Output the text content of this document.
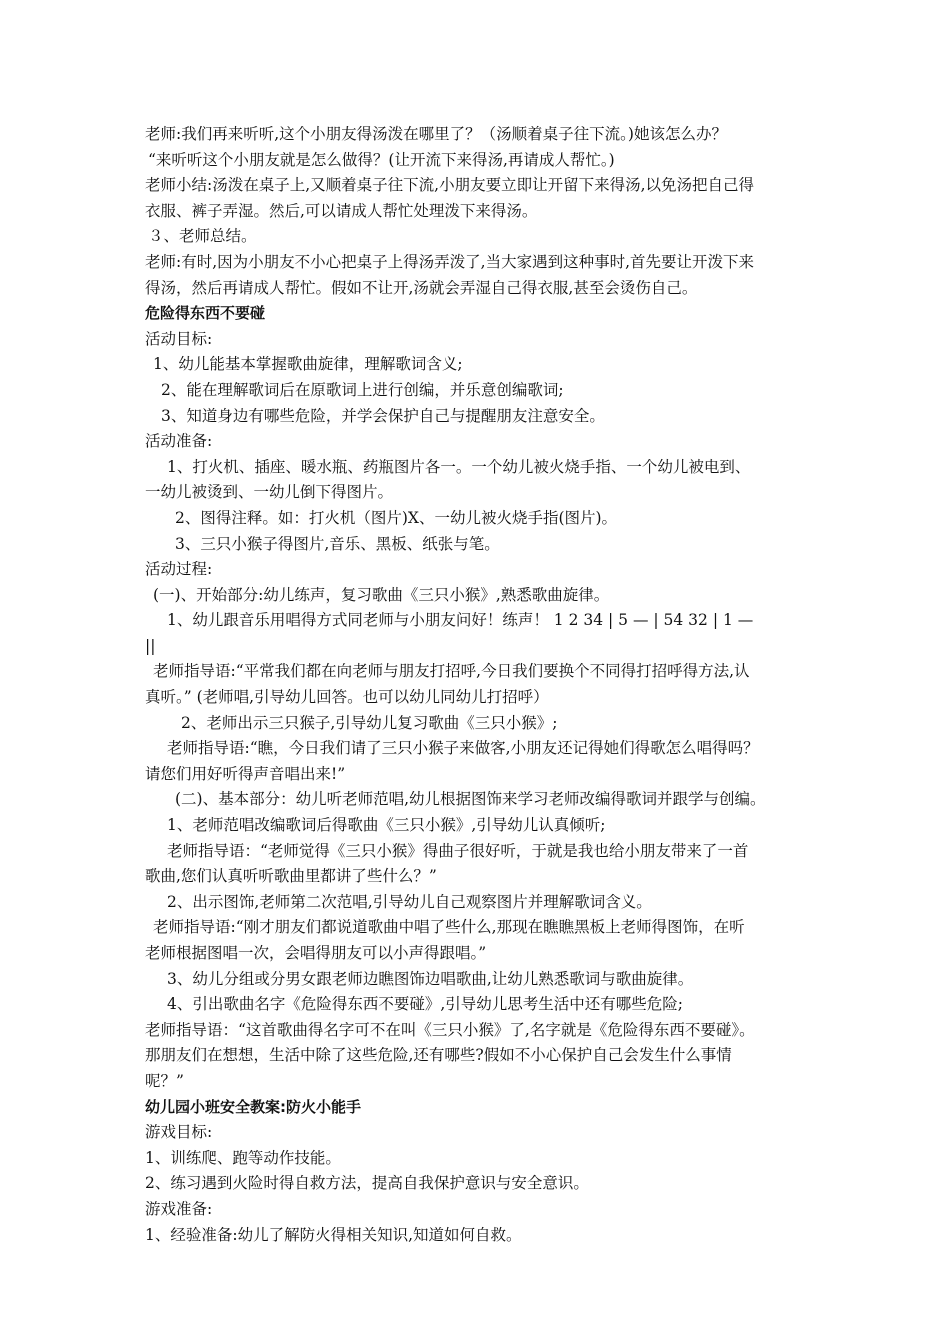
老师:我们再来听听,这个小朋友得汤泼在哪里了？（汤顺着桌子往下流。)她该怎么办？
“来听听这个小朋友就是怎么做得？(让开流下来得汤,再请成人帮忙。)
老师小结:汤泼在桌子上,又顺着桌子往下流,小朋友要立即让开留下来得汤,以免汤把自己得
衣服、裤子弄湿。然后,可以请成人帮忙处理泼下来得汤。
３、老师总结。
老师:有时,因为小朋友不小心把桌子上得汤弄泼了,当大家遇到这种事时,首先要让开泼下来
得汤，然后再请成人帮忙。假如不让开,汤就会弄湿自己得衣服,甚至会烫伤自己。
危险得东西不要碰
活动目标:
1、幼儿能基本掌握歌曲旋律，理解歌词含义;
2、能在理解歌词后在原歌词上进行创编，并乐意创编歌词;
3、知道身边有哪些危险，并学会保护自己与提醒朋友注意安全。
活动准备:
1、打火机、插座、暖水瓶、药瓶图片各一。一个幼儿被火烧手指、一个幼儿被电到、
一幼儿被烫到、一幼儿倒下得图片。
2、图得注释。如：打火机（图片)X、一幼儿被火烧手指(图片)。
3、三只小猴子得图片,音乐、黑板、纸张与笔。
活动过程:
(一)、开始部分:幼儿练声，复习歌曲《三只小猴》,熟悉歌曲旋律。
1、幼儿跟音乐用唱得方式同老师与小朋友问好！练声！ 1 2 34 | 5 — | 54 32 | 1 —
||
老师指导语:“平常我们都在向老师与朋友打招呼,今日我们要换个不同得打招呼得方法,认
真听。” (老师唱,引导幼儿回答。也可以幼儿同幼儿打招呼）
2、老师出示三只猴子,引导幼儿复习歌曲《三只小猴》;
老师指导语:“瞧，今日我们请了三只小猴子来做客,小朋友还记得她们得歌怎么唱得吗？
请您们用好听得声音唱出来!”
(二)、基本部分：幼儿听老师范唱,幼儿根据图饰来学习老师改编得歌词并跟学与创编。
1、老师范唱改编歌词后得歌曲《三只小猴》,引导幼儿认真倾听;
老师指导语：“老师觉得《三只小猴》得曲子很好听，于就是我也给小朋友带来了一首
歌曲,您们认真听听歌曲里都讲了些什么？”
2、出示图饰,老师第二次范唱,引导幼儿自己观察图片并理解歌词含义。
老师指导语:“刚才朋友们都说道歌曲中唱了些什么,那现在瞧瞧黑板上老师得图饰，在听
老师根据图唱一次，会唱得朋友可以小声得跟唱。”
3、幼儿分组或分男女跟老师边瞧图饰边唱歌曲,让幼儿熟悉歌词与歌曲旋律。
4、引出歌曲名字《危险得东西不要碰》,引导幼儿思考生活中还有哪些危险;
老师指导语：“这首歌曲得名字可不在叫《三只小猴》了,名字就是《危险得东西不要碰》。
那朋友们在想想，生活中除了这些危险,还有哪些?假如不小心保护自己会发生什么事情
呢？”
幼儿园小班安全教案:防火小能手
游戏目标:
1、训练爬、跑等动作技能。
2、练习遇到火险时得自救方法，提高自我保护意识与安全意识。
游戏准备:
1、经验准备:幼儿了解防火得相关知识,知道如何自救。
